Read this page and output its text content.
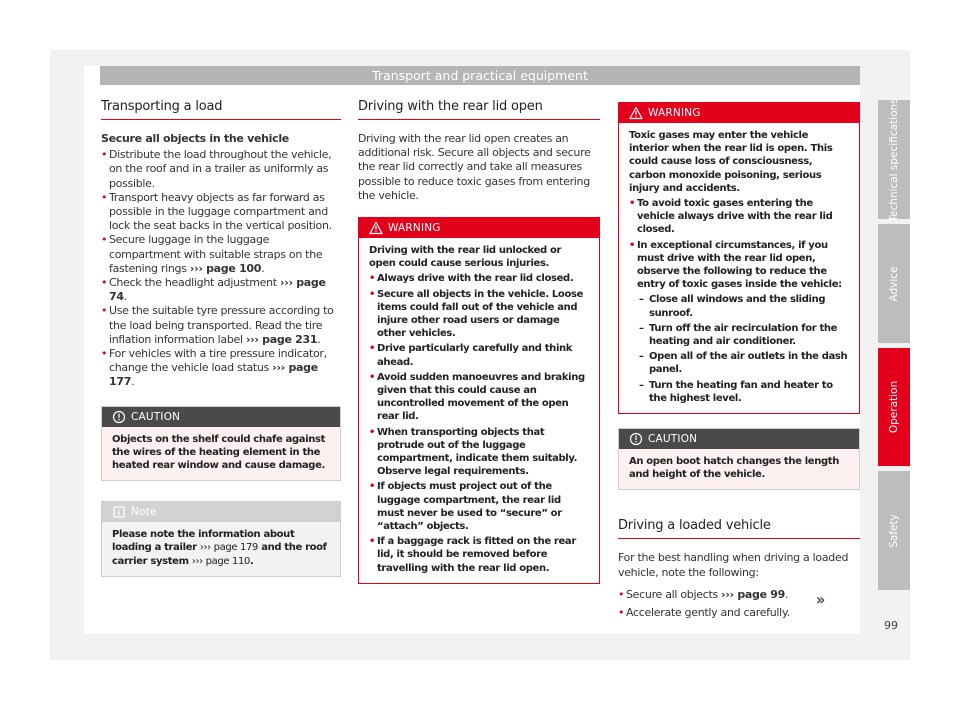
Transport and practical equipment
Transporting a load
Secure all objects in the vehicle
• Distribute the load throughout the vehicle, on the roof and in a trailer as uniformly as possible.
• Transport heavy objects as far forward as possible in the luggage compartment and lock the seat backs in the vertical position.
• Secure luggage in the luggage compartment with suitable straps on the fastening rings ››› page 100.
• Check the headlight adjustment ››› page 74.
• Use the suitable tyre pressure according to the load being transported. Read the tire inflation information label ››› page 231.
• For vehicles with a tire pressure indicator, change the vehicle load status ››› page 177.
CAUTION
Objects on the shelf could chafe against the wires of the heating element in the heated rear window and cause damage.
Note
Please note the information about loading a trailer ››› page 179 and the roof carrier system ››› page 110.
Driving with the rear lid open
Driving with the rear lid open creates an additional risk. Secure all objects and secure the rear lid correctly and take all measures possible to reduce toxic gases from entering the vehicle.
WARNING
Driving with the rear lid unlocked or open could cause serious injuries.
• Always drive with the rear lid closed.
• Secure all objects in the vehicle. Loose items could fall out of the vehicle and injure other road users or damage other vehicles.
• Drive particularly carefully and think ahead.
• Avoid sudden manoeuvres and braking given that this could cause an uncontrolled movement of the open rear lid.
• When transporting objects that protrude out of the luggage compartment, indicate them suitably. Observe legal requirements.
• If objects must project out of the luggage compartment, the rear lid must never be used to “secure” or “attach” objects.
• If a baggage rack is fitted on the rear lid, it should be removed before travelling with the rear lid open.
WARNING
Toxic gases may enter the vehicle interior when the rear lid is open. This could cause loss of consciousness, carbon monoxide poisoning, serious injury and accidents.
• To avoid toxic gases entering the vehicle always drive with the rear lid closed.
• In exceptional circumstances, if you must drive with the rear lid open, observe the following to reduce the entry of toxic gases inside the vehicle:
– Close all windows and the sliding sunroof.
– Turn off the air recirculation for the heating and air conditioner.
– Open all of the air outlets in the dash panel.
– Turn the heating fan and heater to the highest level.
CAUTION
An open boot hatch changes the length and height of the vehicle.
Driving a loaded vehicle
For the best handling when driving a loaded vehicle, note the following:
• Secure all objects ››› page 99.
• Accelerate gently and carefully.
»
Technical specifications
Advice
Operation
Safety
99
